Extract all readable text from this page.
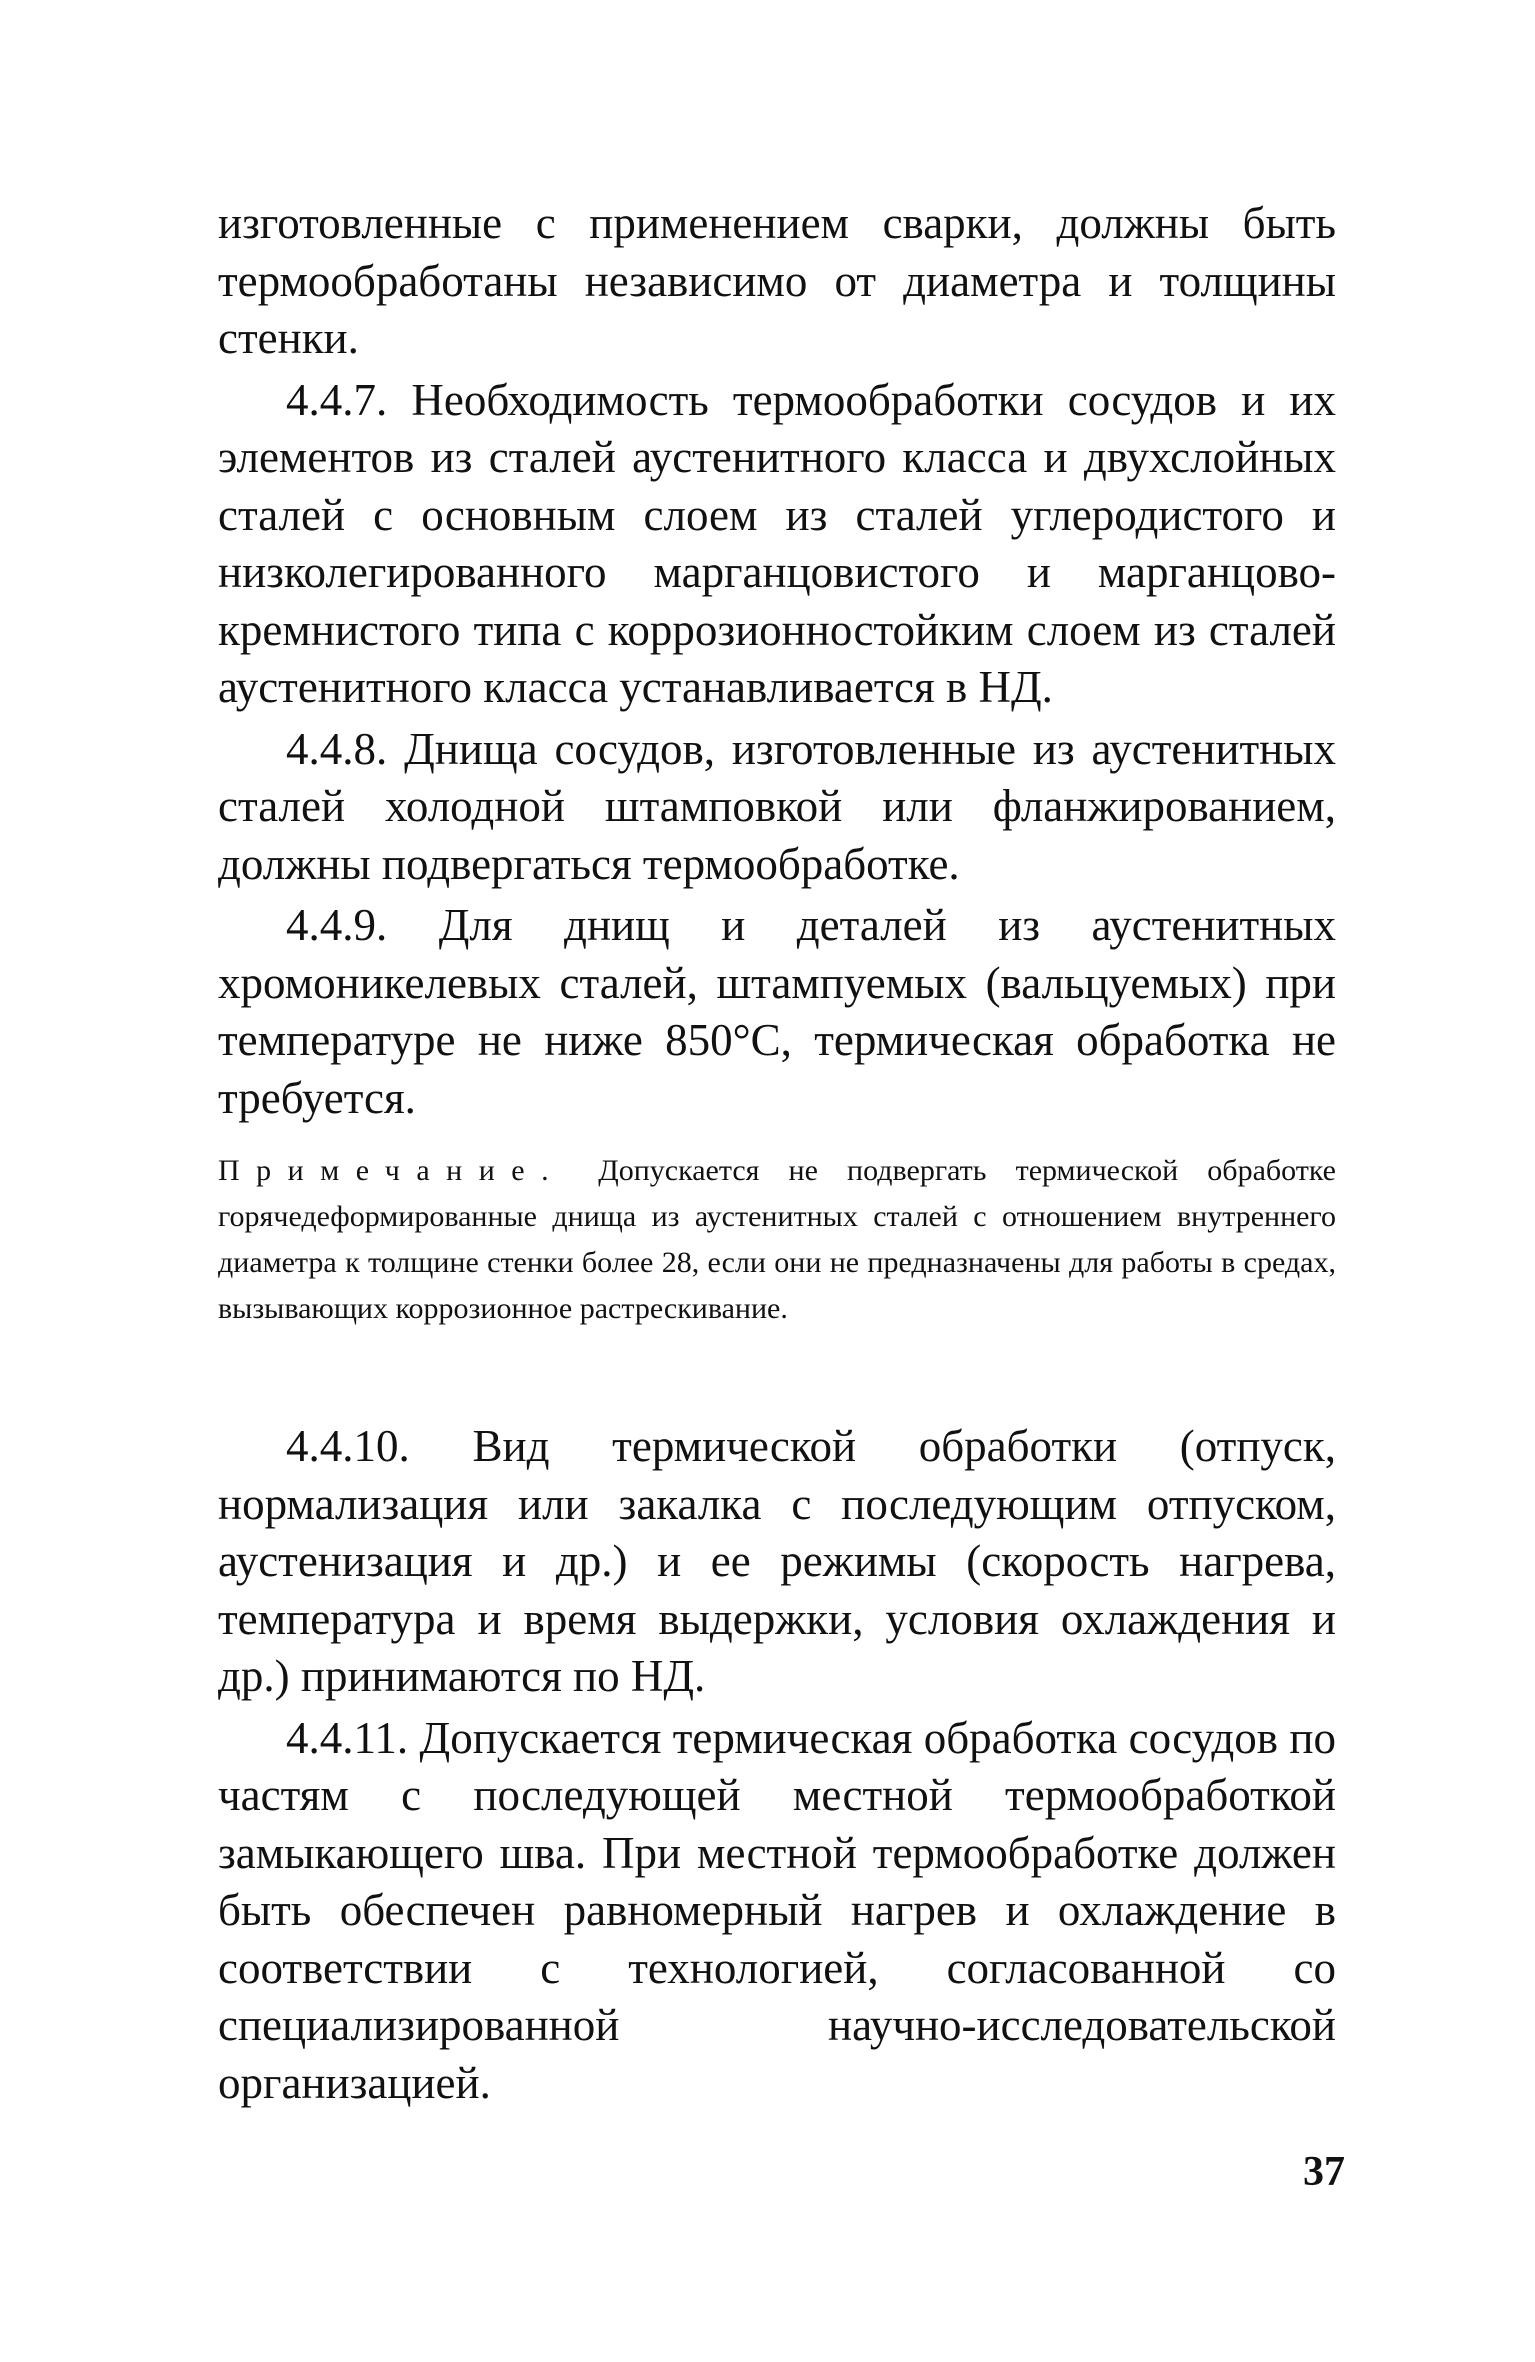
изготовленные с применением сварки, должны быть термообработаны независимо от диаметра и толщины стенки.

4.4.7. Необходимость термообработки сосудов и их элементов из сталей аустенитного класса и двухслойных сталей с основным слоем из сталей углеродистого и низколегированного марганцовистого и марганцово-кремнистого типа с коррозионностойким слоем из сталей аустенитного класса устанавливается в НД.

4.4.8. Днища сосудов, изготовленные из аустенитных сталей холодной штамповкой или фланжированием, должны подвергаться термообработке.

4.4.9. Для днищ и деталей из аустенитных хромоникелевых сталей, штампуемых (вальцуемых) при температуре не ниже 850°С, термическая обработка не требуется.

Примечание. Допускается не подвергать термической обработке горячедеформированные днища из аустенитных сталей с отношением внутреннего диаметра к толщине стенки более 28, если они не предназначены для работы в средах, вызывающих коррозионное растрескивание.

4.4.10. Вид термической обработки (отпуск, нормализация или закалка с последующим отпуском, аустенизация и др.) и ее режимы (скорость нагрева, температура и время выдержки, условия охлаждения и др.) принимаются по НД.

4.4.11. Допускается термическая обработка сосудов по частям с последующей местной термообработкой замыкающего шва. При местной термообработке должен быть обеспечен равномерный нагрев и охлаждение в соответствии с технологией, согласованной со специализированной научно-исследовательской организацией.

37
